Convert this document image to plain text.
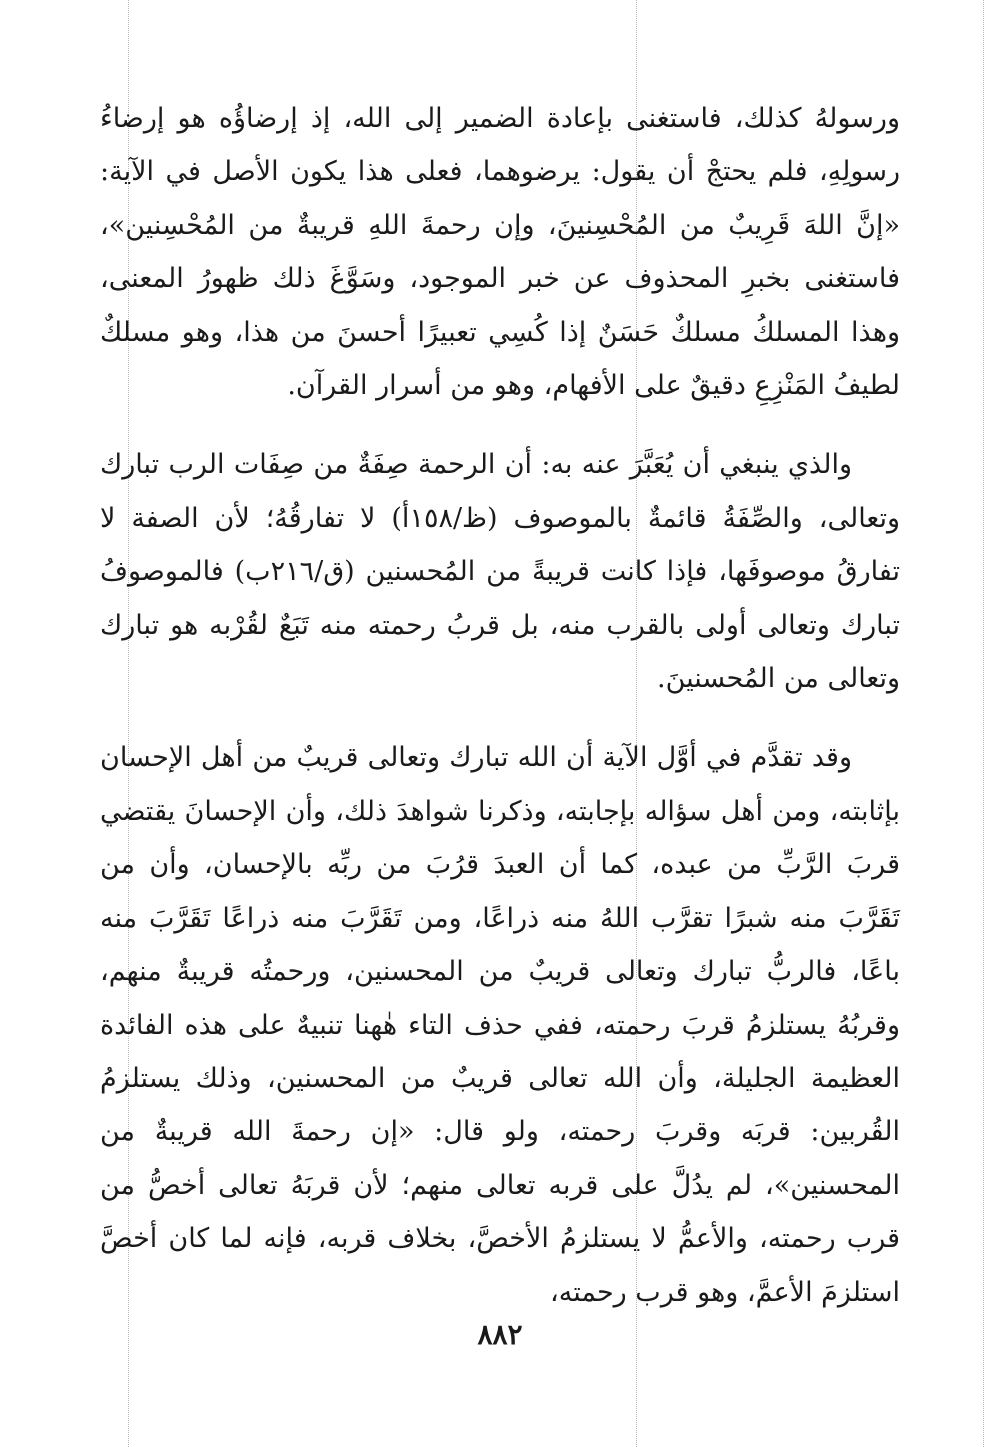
ورسولهُ كذلك، فاستغنى بإعادة الضمير إلى الله، إذ إرضاؤُه هو إرضاءُ رسولِهِ، فلم يحتجْ أن يقول: يرضوهما، فعلى هذا يكون الأصل في الآية: «إنَّ اللهَ قَرِيبٌ من المُحْسِنينَ، وإن رحمةَ اللهِ قريبةٌ من المُحْسِنين»، فاستغنى بخبرِ المحذوف عن خبر الموجود، وسَوَّغَ ذلك ظهورُ المعنى، وهذا المسلكُ مسلكٌ حَسَنٌ إذا كُسِي تعبيرًا أحسنَ من هذا، وهو مسلكٌ لطيفُ المَنْزِعِ دقيقٌ على الأفهام، وهو من أسرار القرآن.

والذي ينبغي أن يُعَبَّرَ عنه به: أن الرحمة صِفَةٌ من صِفَات الرب تبارك وتعالى، والصِّفَةُ قائمةٌ بالموصوف (ظ/١٥٨أ) لا تفارقُهُ؛ لأن الصفة لا تفارقُ موصوفَها، فإذا كانت قريبةً من المُحسنين (ق/٢١٦ب) فالموصوفُ تبارك وتعالى أولى بالقرب منه، بل قربُ رحمته منه تَبَعٌ لقُرْبه هو تبارك وتعالى من المُحسنينَ.

وقد تقدَّم في أوَّل الآية أن الله تبارك وتعالى قريبٌ من أهل الإحسان بإثابته، ومن أهل سؤاله بإجابته، وذكرنا شواهدَ ذلك، وأن الإحسانَ يقتضي قربَ الرَّبِّ من عبده، كما أن العبدَ قرُبَ من ربِّه بالإحسان، وأن من تَقَرَّبَ منه شبرًا تقرَّب اللهُ منه ذراعًا، ومن تَقَرَّبَ منه ذراعًا تَقَرَّبَ منه باعًا، فالربُّ تبارك وتعالى قريبٌ من المحسنين، ورحمتُه قريبةٌ منهم، وقربُهُ يستلزمُ قربَ رحمته، ففي حذف التاء هٰهنا تنبيهٌ على هذه الفائدة العظيمة الجليلة، وأن الله تعالى قريبٌ من المحسنين، وذلك يستلزمُ القُربين: قربَه وقربَ رحمته، ولو قال: «إن رحمةَ الله قريبةٌ من المحسنين»، لم يدُلَّ على قربه تعالى منهم؛ لأن قربَهُ تعالى أخصُّ من قرب رحمته، والأعمُّ لا يستلزمُ الأخصَّ، بخلاف قربه، فإنه لما كان أخصَّ استلزمَ الأعمَّ، وهو قرب رحمته،

٨٨٢
